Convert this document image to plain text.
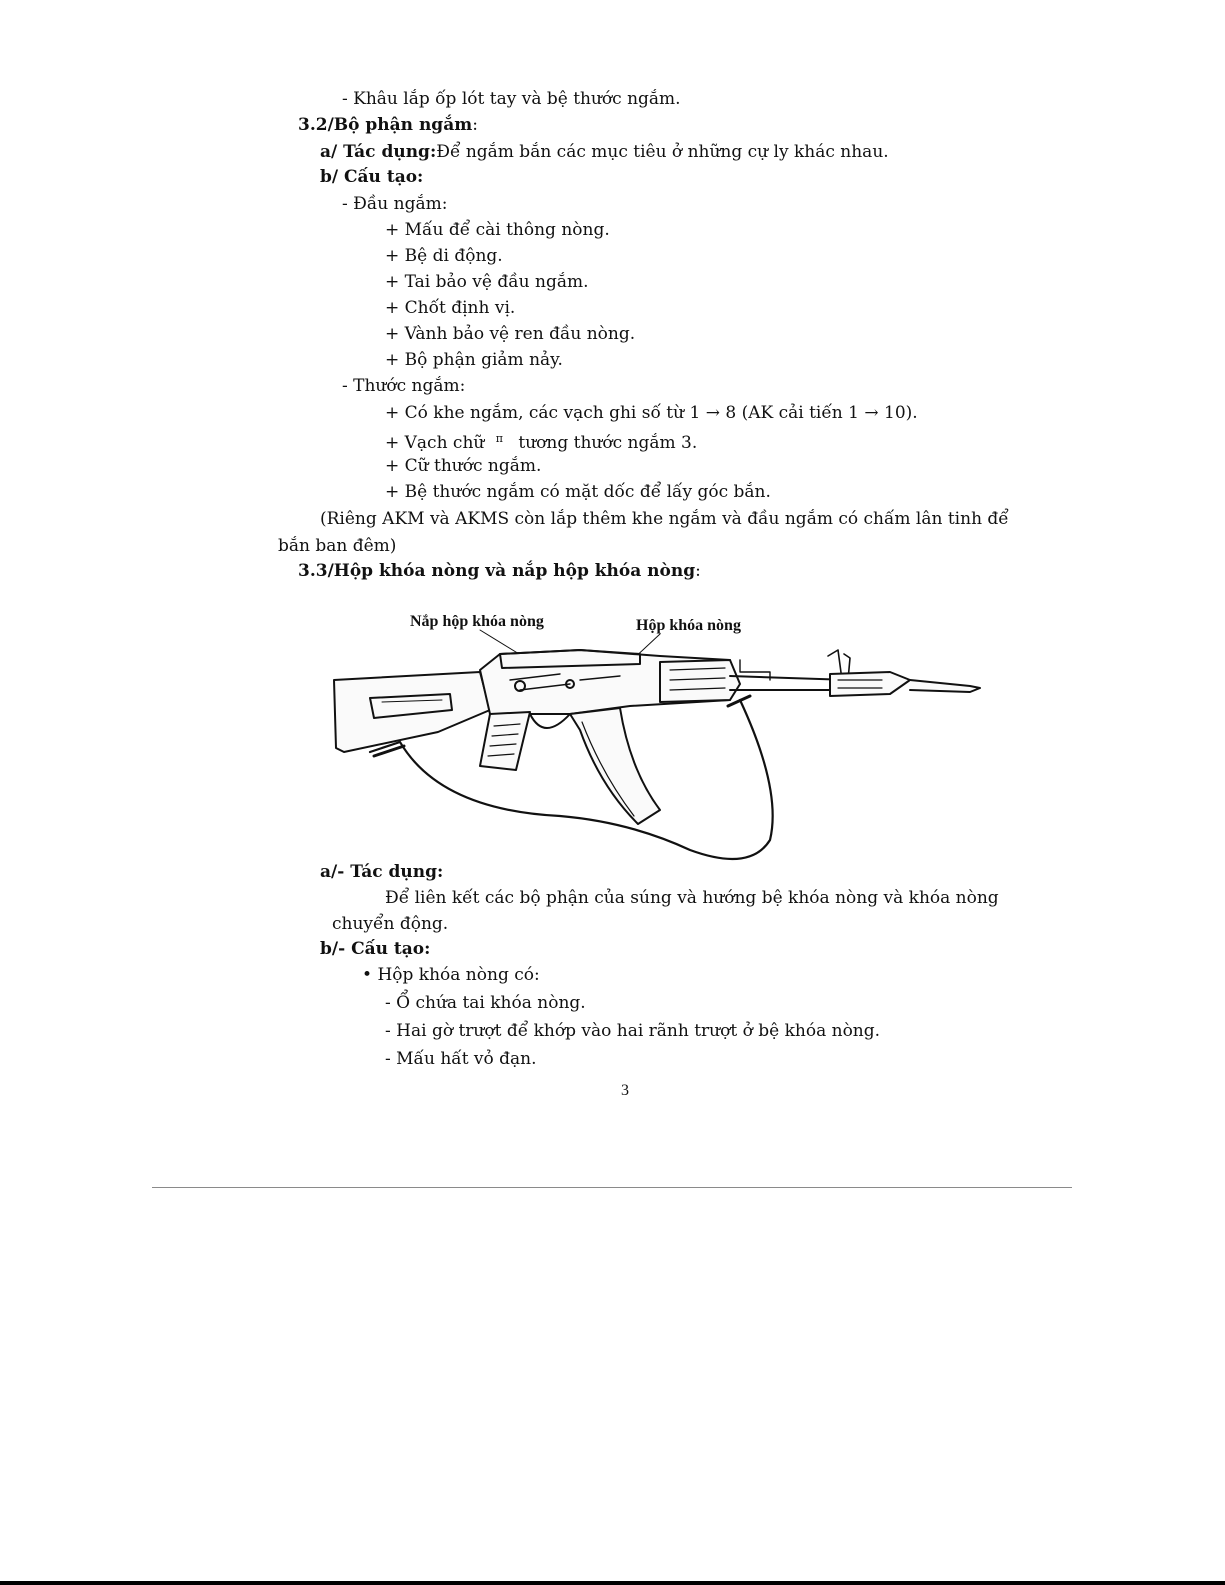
- Khâu lắp ốp lót tay và bệ thước ngắm.
3.2/Bộ phận ngắm:
a/ Tác dụng:Để ngắm bắn các mục tiêu ở những cự ly khác nhau.
b/ Cấu tạo:
- Đầu ngắm:
+ Mấu để cài thông nòng.
+ Bệ di động.
+ Tai bảo vệ đầu ngắm.
+ Chốt định vị.
+ Vành bảo vệ ren đầu nòng.
+ Bộ phận giảm nảy.
- Thước ngắm:
+ Có khe ngắm, các vạch ghi số từ 1 → 8 (AK cải tiến 1 → 10).
+ Vạch chữ $^\pi$ tương thước ngắm 3.
+ Cữ thước ngắm.
+ Bệ thước ngắm có mặt dốc để lấy góc bắn.
(Riêng AKM và AKMS còn lắp thêm khe ngắm và đầu ngắm có chấm lân tinh để
bắn ban đêm)
3.3/Hộp khóa nòng và nắp hộp khóa nòng:
Nắp hộp khóa nòng	Hộp khóa nòng
a/- Tác dụng:
Để liên kết các bộ phận của súng và hướng bệ khóa nòng và khóa nòng
chuyển động.
b/- Cấu tạo:
• Hộp khóa nòng có:
- Ổ chứa tai khóa nòng.
- Hai gờ trượt để khớp vào hai rãnh trượt ở bệ khóa nòng.
- Mấu hất vỏ đạn.
3
